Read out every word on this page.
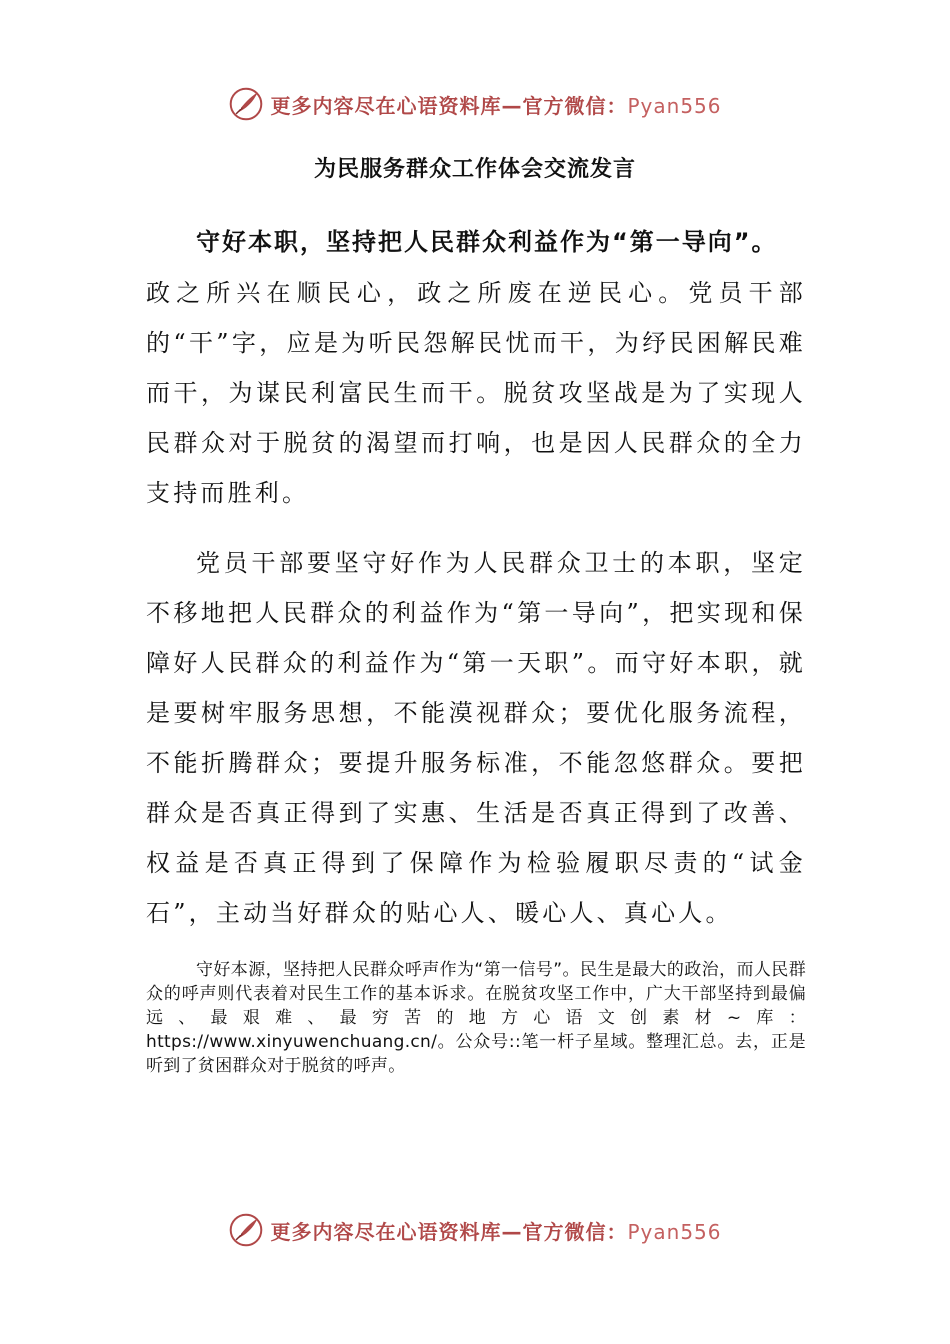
更多内容尽在心语资料库—官方微信：Pyan556
为民服务群众工作体会交流发言
守好本职，坚持把人民群众利益作为“第一导向”。

政之所兴在顺民心，政之所废在逆民心。党员干部的“干”字，应是为听民怨解民忧而干，为纾民困解民难而干，为谋民利富民生而干。脱贫攻坚战是为了实现人民群众对于脱贫的渴望而打响，也是因人民群众的全力支持而胜利。

党员干部要坚守好作为人民群众卫士的本职，坚定不移地把人民群众的利益作为“第一导向”，把实现和保障好人民群众的利益作为“第一天职”。而守好本职，就是要树牢服务思想，不能漠视群众；要优化服务流程，不能折腾群众；要提升服务标准，不能忽悠群众。要把群众是否真正得到了实惠、生活是否真正得到了改善、权益是否真正得到了保障作为检验履职尽责的“试金石”，主动当好群众的贴心人、暖心人、真心人。

守好本源，坚持把人民群众呼声作为“第一信号”。民生是最大的政治，而人民群众的呼声则代表着对民生工作的基本诉求。在脱贫攻坚工作中，广大干部坚持到最偏远、最艰难、最穷苦的地方心语文创素材~库：https://www.xinyuwenchuang.cn/。公众号::笔一杆子星域。整理汇总。去，正是听到了贫困群众对于脱贫的呼声。

更多内容尽在心语资料库—官方微信：Pyan556
